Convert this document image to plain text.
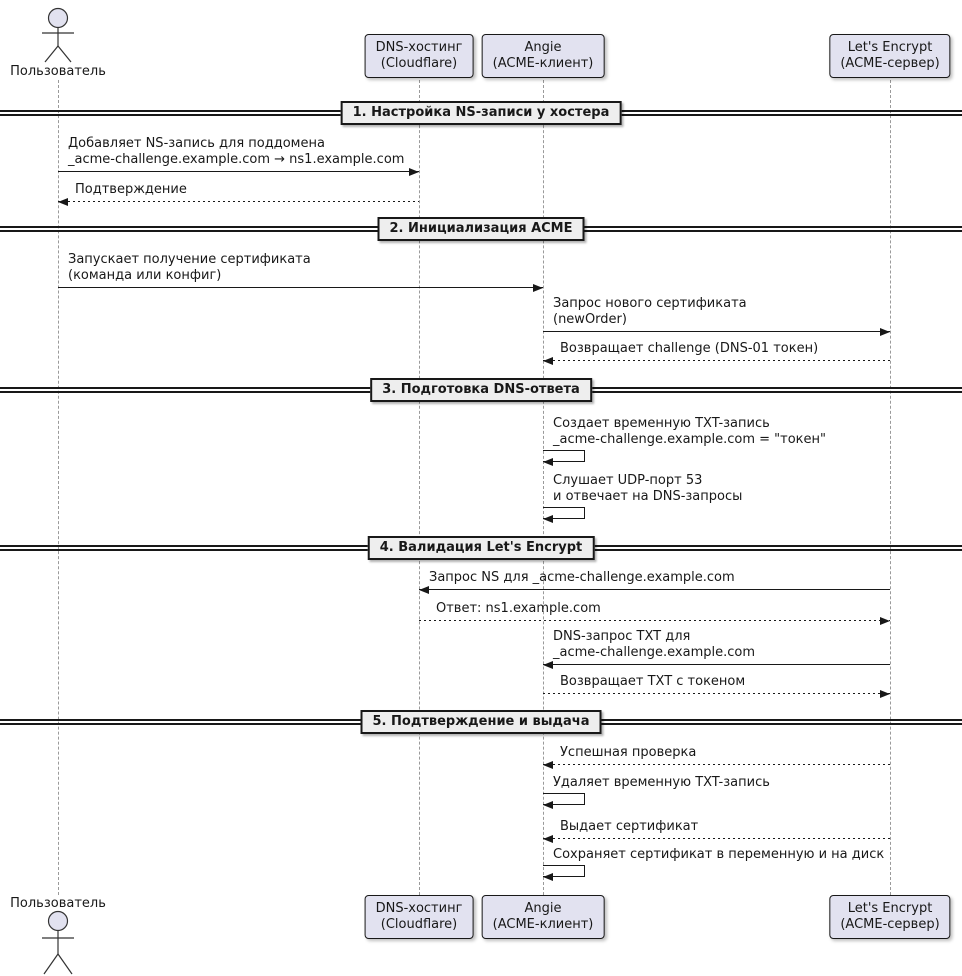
Пользователь
Пользователь
DNS-хостинг
(Cloudflare)
DNS-хостинг
(Cloudflare)
Angie
(ACME-клиент)
Angie
(ACME-клиент)
Let's Encrypt
(ACME-сервер)
Let's Encrypt
(ACME-сервер)
1. Настройка NS-записи у хостера
2. Инициализация ACME
3. Подготовка DNS-ответа
4. Валидация Let's Encrypt
5. Подтверждение и выдача
Добавляет NS-запись для поддомена
_acme-challenge.example.com → ns1.example.com
Подтверждение
Запускает получение сертификата
(команда или конфиг)
Запрос нового сертификата
(newOrder)
Возвращает challenge (DNS-01 токен)
Создает временную TXT-запись
_acme-challenge.example.com = "токен"
Слушает UDP-порт 53
и отвечает на DNS-запросы
Запрос NS для _acme-challenge.example.com
Ответ: ns1.example.com
DNS-запрос TXT для
_acme-challenge.example.com
Возвращает TXT с токеном
Успешная проверка
Удаляет временную TXT-запись
Выдает сертификат
Сохраняет сертификат в переменную и на диск
